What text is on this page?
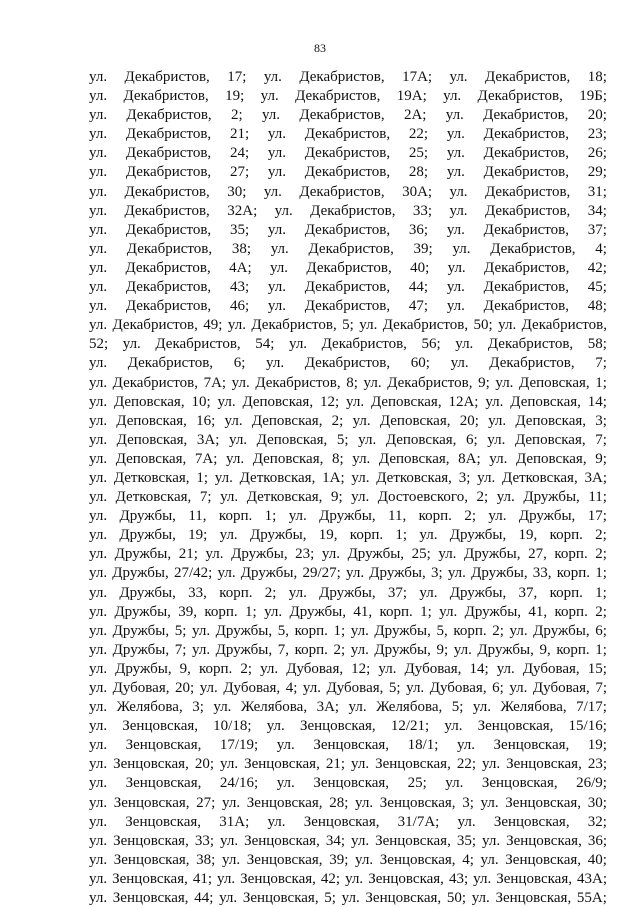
83
ул. Декабристов, 17; ул. Декабристов, 17А; ул. Декабристов, 18;
ул. Декабристов, 19; ул. Декабристов, 19А; ул. Декабристов, 19Б;
ул. Декабристов, 2; ул. Декабристов, 2А; ул. Декабристов, 20;
ул. Декабристов, 21; ул. Декабристов, 22; ул. Декабристов, 23;
ул. Декабристов, 24; ул. Декабристов, 25; ул. Декабристов, 26;
ул. Декабристов, 27; ул. Декабристов, 28; ул. Декабристов, 29;
ул. Декабристов, 30; ул. Декабристов, 30А; ул. Декабристов, 31;
ул. Декабристов, 32А; ул. Декабристов, 33; ул. Декабристов, 34;
ул. Декабристов, 35; ул. Декабристов, 36; ул. Декабристов, 37;
ул. Декабристов, 38; ул. Декабристов, 39; ул. Декабристов, 4;
ул. Декабристов, 4А; ул. Декабристов, 40; ул. Декабристов, 42;
ул. Декабристов, 43; ул. Декабристов, 44; ул. Декабристов, 45;
ул. Декабристов, 46; ул. Декабристов, 47; ул. Декабристов, 48;
ул. Декабристов, 49; ул. Декабристов, 5; ул. Декабристов, 50; ул. Декабристов,
52; ул. Декабристов, 54; ул. Декабристов, 56; ул. Декабристов, 58;
ул. Декабристов, 6; ул. Декабристов, 60; ул. Декабристов, 7;
ул. Декабристов, 7А; ул. Декабристов, 8; ул. Декабристов, 9; ул. Деповская, 1;
ул. Деповская, 10; ул. Деповская, 12; ул. Деповская, 12А; ул. Деповская, 14;
ул. Деповская, 16; ул. Деповская, 2; ул. Деповская, 20; ул. Деповская, 3;
ул. Деповская, 3А; ул. Деповская, 5; ул. Деповская, 6; ул. Деповская, 7;
ул. Деповская, 7А; ул. Деповская, 8; ул. Деповская, 8А; ул. Деповская, 9;
ул. Детковская, 1; ул. Детковская, 1А; ул. Детковская, 3; ул. Детковская, 3А;
ул. Детковская, 7; ул. Детковская, 9; ул. Достоевского, 2; ул. Дружбы, 11;
ул. Дружбы, 11, корп. 1; ул. Дружбы, 11, корп. 2; ул. Дружбы, 17;
ул. Дружбы, 19; ул. Дружбы, 19, корп. 1; ул. Дружбы, 19, корп. 2;
ул. Дружбы, 21; ул. Дружбы, 23; ул. Дружбы, 25; ул. Дружбы, 27, корп. 2;
ул. Дружбы, 27/42; ул. Дружбы, 29/27; ул. Дружбы, 3; ул. Дружбы, 33, корп. 1;
ул. Дружбы, 33, корп. 2; ул. Дружбы, 37; ул. Дружбы, 37, корп. 1;
ул. Дружбы, 39, корп. 1; ул. Дружбы, 41, корп. 1; ул. Дружбы, 41, корп. 2;
ул. Дружбы, 5; ул. Дружбы, 5, корп. 1; ул. Дружбы, 5, корп. 2; ул. Дружбы, 6;
ул. Дружбы, 7; ул. Дружбы, 7, корп. 2; ул. Дружбы, 9; ул. Дружбы, 9, корп. 1;
ул. Дружбы, 9, корп. 2; ул. Дубовая, 12; ул. Дубовая, 14; ул. Дубовая, 15;
ул. Дубовая, 20; ул. Дубовая, 4; ул. Дубовая, 5; ул. Дубовая, 6; ул. Дубовая, 7;
ул. Желябова, 3; ул. Желябова, 3А; ул. Желябова, 5; ул. Желябова, 7/17;
ул. Зенцовская, 10/18; ул. Зенцовская, 12/21; ул. Зенцовская, 15/16;
ул. Зенцовская, 17/19; ул. Зенцовская, 18/1; ул. Зенцовская, 19;
ул. Зенцовская, 20; ул. Зенцовская, 21; ул. Зенцовская, 22; ул. Зенцовская, 23;
ул. Зенцовская, 24/16; ул. Зенцовская, 25; ул. Зенцовская, 26/9;
ул. Зенцовская, 27; ул. Зенцовская, 28; ул. Зенцовская, 3; ул. Зенцовская, 30;
ул. Зенцовская, 31А; ул. Зенцовская, 31/7А; ул. Зенцовская, 32;
ул. Зенцовская, 33; ул. Зенцовская, 34; ул. Зенцовская, 35; ул. Зенцовская, 36;
ул. Зенцовская, 38; ул. Зенцовская, 39; ул. Зенцовская, 4; ул. Зенцовская, 40;
ул. Зенцовская, 41; ул. Зенцовская, 42; ул. Зенцовская, 43; ул. Зенцовская, 43А;
ул. Зенцовская, 44; ул. Зенцовская, 5; ул. Зенцовская, 50; ул. Зенцовская, 55А;
